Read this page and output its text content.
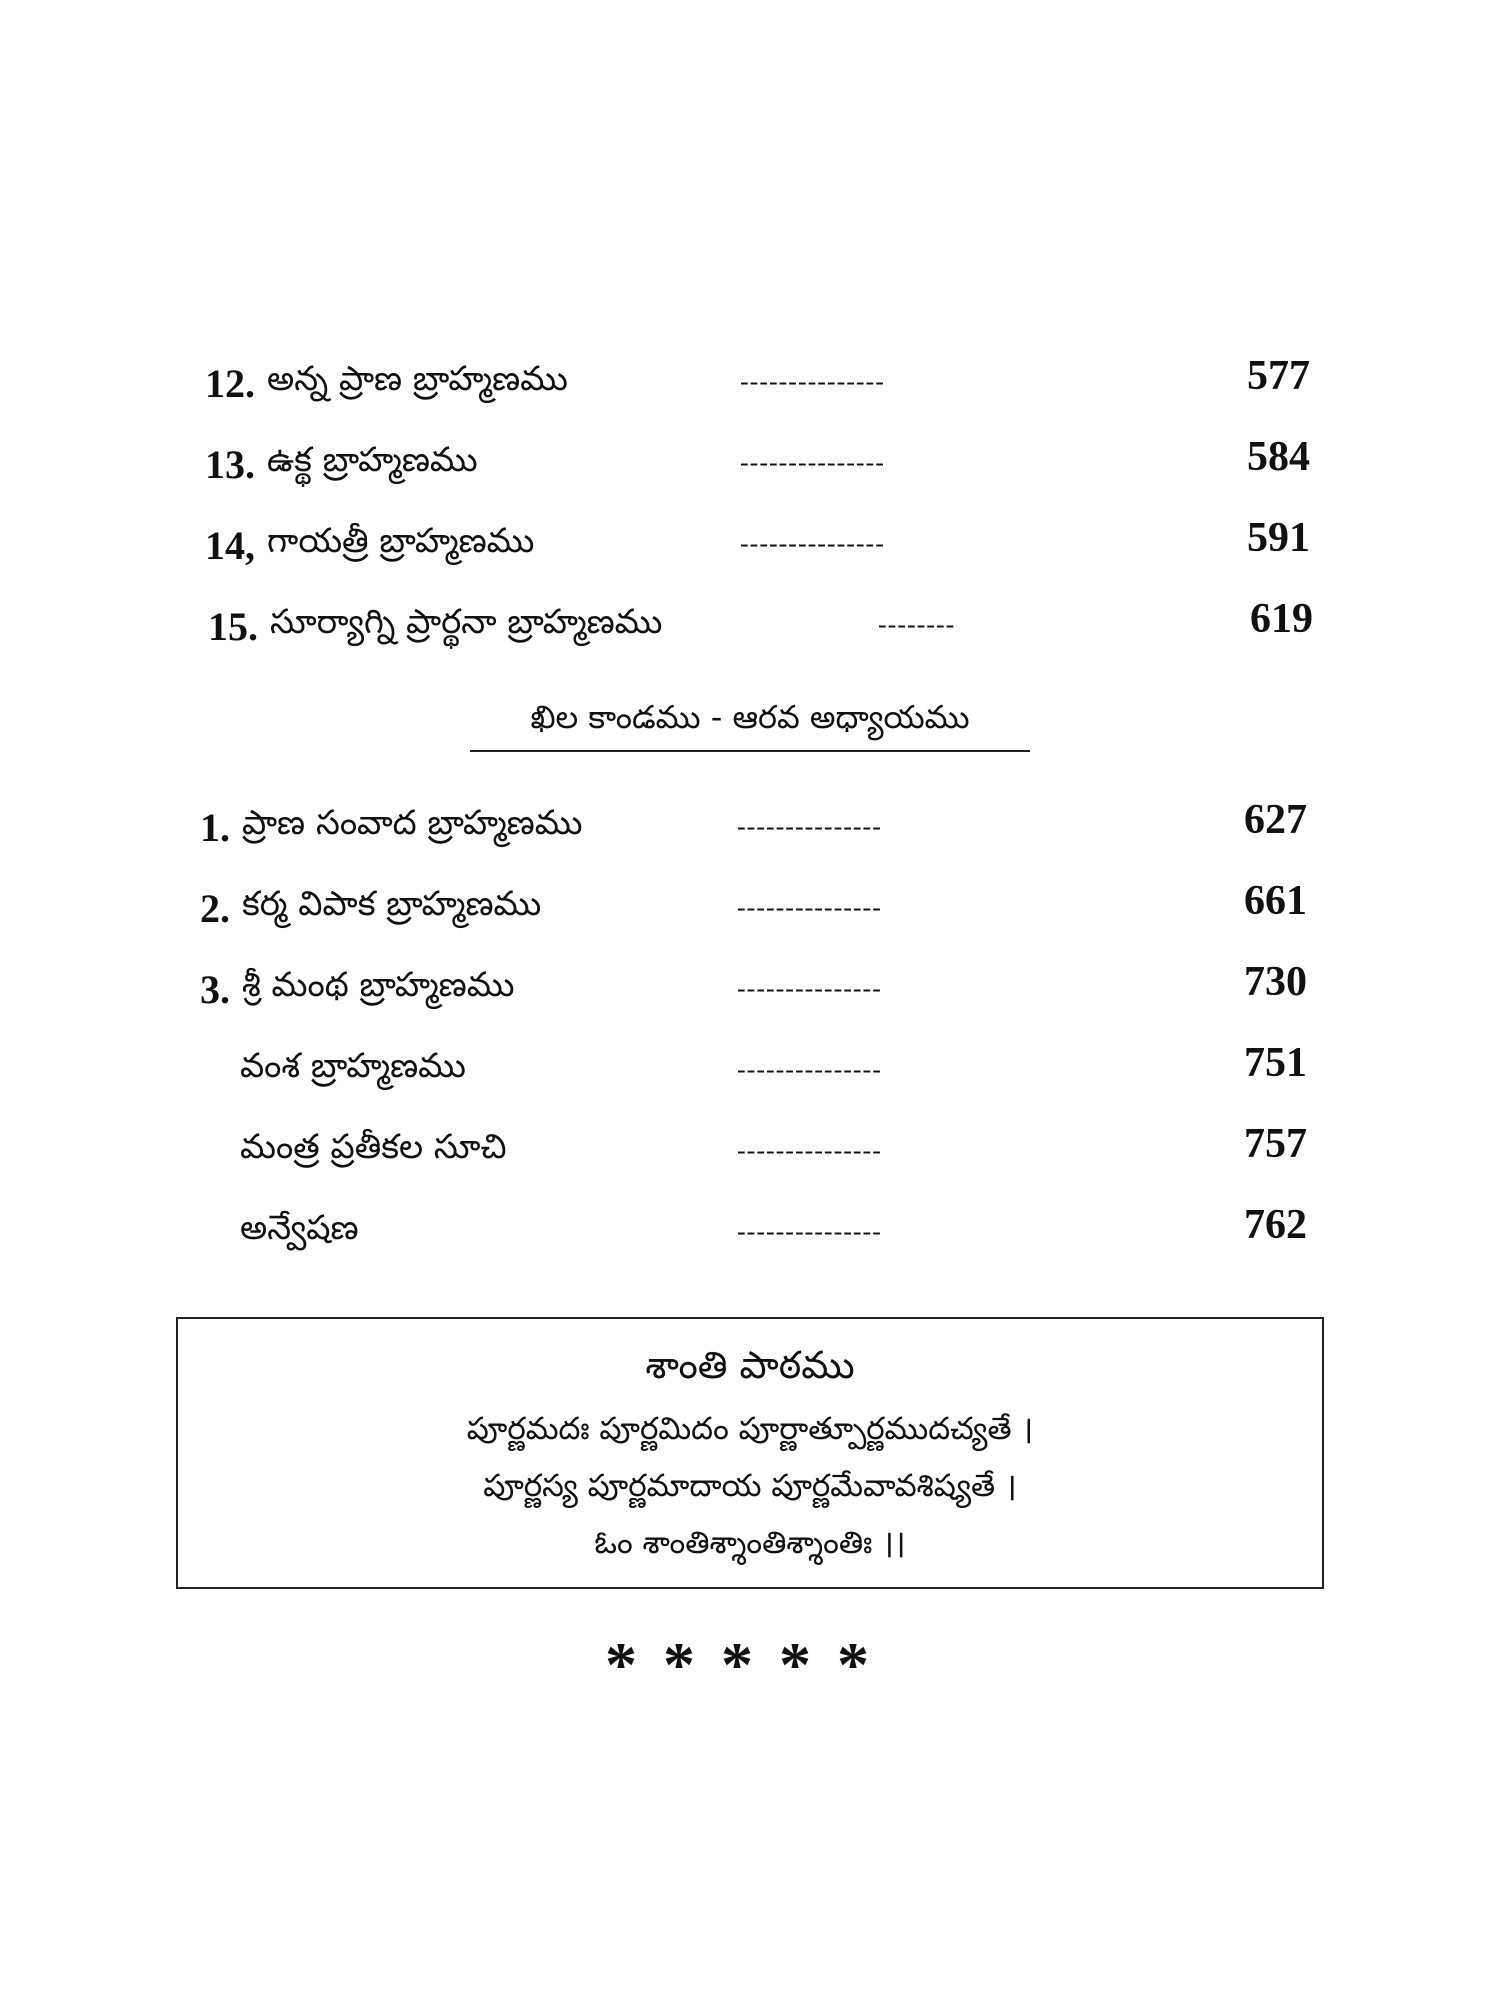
12. అన్న ప్రాణ బ్రాహ్మణము	---------------	577
13. ఉక్థ బ్రాహ్మణము	---------------	584
14, గాయత్రీ బ్రాహ్మణము	---------------	591
15. సూర్యాగ్ని ప్రార్థనా బ్రాహ్మణము	--------	619
ఖిల కాండము - ఆరవ అధ్యాయము
1. ప్రాణ సంవాద బ్రాహ్మణము	---------------	627
2. కర్మ విపాక బ్రాహ్మణము	---------------	661
3. శ్రీ మంథ బ్రాహ్మణము	---------------	730
వంశ బ్రాహ్మణము	---------------	751
మంత్ర ప్రతీకల సూచి	---------------	757
అన్వేషణ	---------------	762
శాంతి పాఠము
పూర్ణమదః పూర్ణమిదం పూర్ణాత్పూర్ణముదచ్యతే ।
పూర్ణస్య పూర్ణమాదాయ పూర్ణమేవావశిష్యతే ।
ఓం శాంతిశ్శాంతిశ్శాంతిః ।।
*****
